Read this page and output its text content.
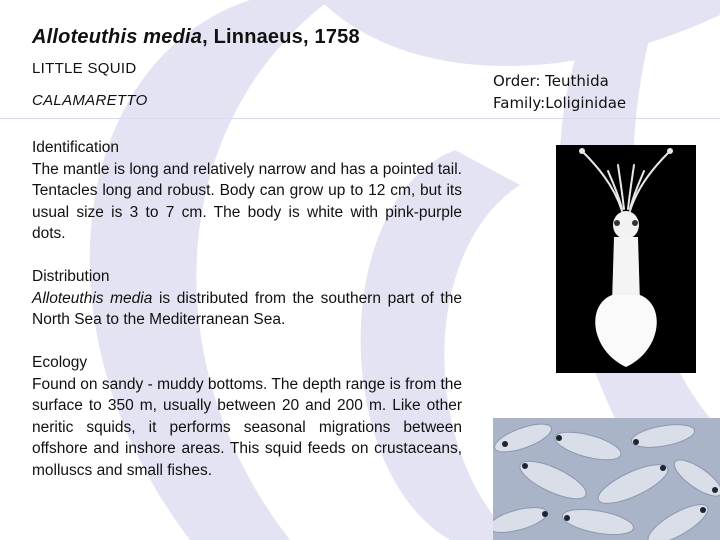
Alloteuthis media, Linnaeus, 1758
LITTLE SQUID
CALAMARETTO
Order: Teuthida
Family:Loliginidae
Identification
The mantle is long and relatively narrow and has a pointed tail. Tentacles long and robust. Body can grow up to 12 cm, but its usual size is 3 to 7 cm. The body is white with pink-purple dots.
Distribution
Alloteuthis media is distributed from the southern part of the North Sea to the Mediterranean Sea.
Ecology
Found on sandy - muddy bottoms. The depth range is from the surface to 350 m, usually between 20 and 200 m. Like other neritic squids, it performs seasonal migrations between offshore and inshore areas. This squid feeds on crustaceans, molluscs and small fishes.
